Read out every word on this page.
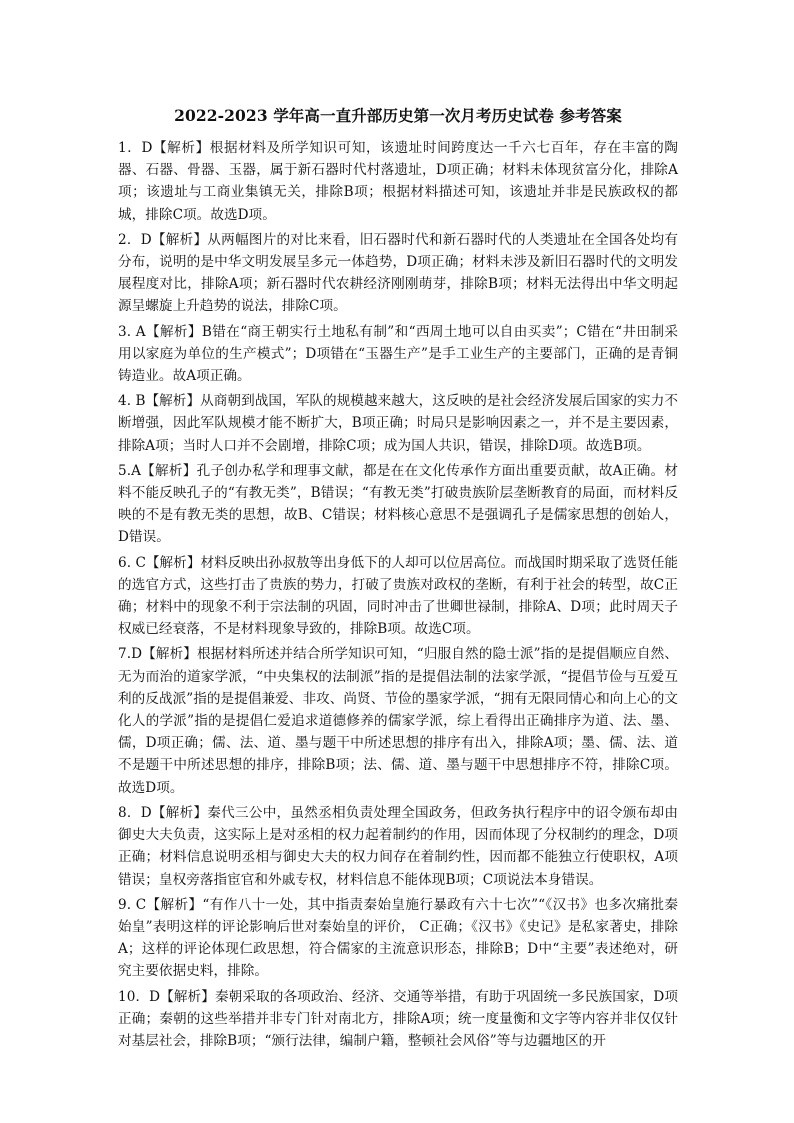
2022-2023 学年高一直升部历史第一次月考历史试卷 参考答案

1．D【解析】根据材料及所学知识可知，该遗址时间跨度达一千六七百年，存在丰富的陶器、石器、骨器、玉器，属于新石器时代村落遗址，D项正确；材料未体现贫富分化，排除A项；该遗址与工商业集镇无关，排除B项；根据材料描述可知，该遗址并非是民族政权的都城，排除C项。故选D项。

2．D【解析】从两幅图片的对比来看，旧石器时代和新石器时代的人类遗址在全国各处均有分布，说明的是中华文明发展呈多元一体趋势，D项正确；材料未涉及新旧石器时代的文明发展程度对比，排除A项；新石器时代农耕经济刚刚萌芽，排除B项；材料无法得出中华文明起源呈螺旋上升趋势的说法，排除C项。

3. A【解析】B错在“商王朝实行土地私有制”和“西周土地可以自由买卖”；C错在“井田制采用以家庭为单位的生产模式”；D项错在“玉器生产”是手工业生产的主要部门，正确的是青铜铸造业。故A项正确。

4. B【解析】从商朝到战国，军队的规模越来越大，这反映的是社会经济发展后国家的实力不断增强，因此军队规模才能不断扩大，B项正确；时局只是影响因素之一，并不是主要因素，排除A项；当时人口并不会剧增，排除C项；成为国人共识，错误，排除D项。故选B项。

5.A【解析】孔子创办私学和理事文献，都是在在文化传承作方面出重要贡献，故A正确。材料不能反映孔子的“有教无类”，B错误；“有教无类”打破贵族阶层垄断教育的局面，而材料反映的不是有教无类的思想，故B、C错误；材料核心意思不是强调孔子是儒家思想的创始人，D错误。

6. C【解析】材料反映出孙叔敖等出身低下的人却可以位居高位。而战国时期采取了选贤任能的选官方式，这些打击了贵族的势力，打破了贵族对政权的垄断，有利于社会的转型，故C正确；材料中的现象不利于宗法制的巩固，同时冲击了世卿世禄制，排除A、D项；此时周天子权威已经衰落，不是材料现象导致的，排除B项。故选C项。

7.D【解析】根据材料所述并结合所学知识可知，“归服自然的隐士派”指的是提倡顺应自然、无为而治的道家学派，“中央集权的法制派”指的是提倡法制的法家学派，“提倡节俭与互爱互利的反战派”指的是提倡兼爱、非攻、尚贤、节俭的墨家学派，“拥有无限同情心和向上心的文化人的学派”指的是提倡仁爱追求道德修养的儒家学派，综上看得出正确排序为道、法、墨、儒，D项正确；儒、法、道、墨与题干中所述思想的排序有出入，排除A项；墨、儒、法、道不是题干中所述思想的排序，排除B项；法、儒、道、墨与题干中思想排序不符，排除C项。故选D项。

8．D【解析】秦代三公中，虽然丞相负责处理全国政务，但政务执行程序中的诏令颁布却由御史大夫负责，这实际上是对丞相的权力起着制约的作用，因而体现了分权制约的理念，D项正确；材料信息说明丞相与御史大夫的权力间存在着制约性，因而都不能独立行使职权，A项错误；皇权旁落指宦官和外戚专权，材料信息不能体现B项；C项说法本身错误。

9. C【解析】“有作八十一处，其中指责秦始皇施行暴政有六十七次”“《汉书》也多次痛批秦始皇”表明这样的评论影响后世对秦始皇的评价， C正确；《汉书》《史记》是私家著史，排除A；这样的评论体现仁政思想，符合儒家的主流意识形态，排除B；D中“主要”表述绝对，研究主要依据史料，排除。

10．D【解析】秦朝采取的各项政治、经济、交通等举措，有助于巩固统一多民族国家，D项正确；秦朝的这些举措并非专门针对南北方，排除A项；统一度量衡和文字等内容并非仅仅针对基层社会，排除B项；“颁行法律，编制户籍，整顿社会风俗”等与边疆地区的开
